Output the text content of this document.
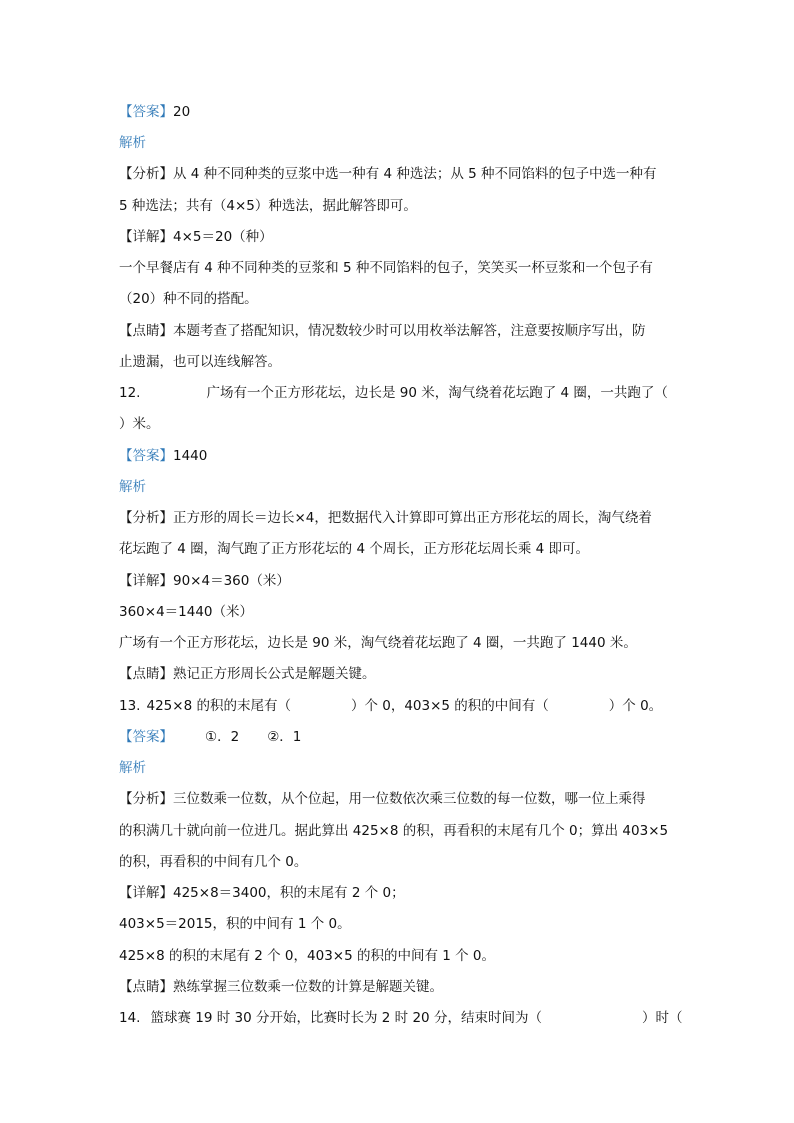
【答案】20
解析
【分析】从 4 种不同种类的豆浆中选一种有 4 种选法；从 5 种不同馅料的包子中选一种有
5 种选法；共有（4×5）种选法，据此解答即可。
【详解】4×5＝20（种）
一个早餐店有 4 种不同种类的豆浆和 5 种不同馅料的包子，笑笑买一杯豆浆和一个包子有
（20）种不同的搭配。
【点睛】本题考查了搭配知识，情况数较少时可以用枚举法解答，注意要按顺序写出，防
止遗漏，也可以连线解答。
12.	广场有一个正方形花坛，边长是 90 米，淘气绕着花坛跑了 4 圈，一共跑了（
）米。
【答案】1440
解析
【分析】正方形的周长＝边长×4，把数据代入计算即可算出正方形花坛的周长，淘气绕着
花坛跑了 4 圈，淘气跑了正方形花坛的 4 个周长，正方形花坛周长乘 4 即可。
【详解】90×4＝360（米）
360×4＝1440（米）
广场有一个正方形花坛，边长是 90 米，淘气绕着花坛跑了 4 圈，一共跑了 1440 米。
【点睛】熟记正方形周长公式是解题关键。
13. 425×8 的积的末尾有（	）个 0，403×5 的积的中间有（	）个 0。
【答案】 ①．2 ②．1
解析
【分析】三位数乘一位数，从个位起，用一位数依次乘三位数的每一位数，哪一位上乘得
的积满几十就向前一位进几。据此算出 425×8 的积，再看积的末尾有几个 0；算出 403×5
的积，再看积的中间有几个 0。
【详解】425×8＝3400，积的末尾有 2 个 0；
403×5＝2015，积的中间有 1 个 0。
425×8 的积的末尾有 2 个 0，403×5 的积的中间有 1 个 0。
【点睛】熟练掌握三位数乘一位数的计算是解题关键。
14. 篮球赛 19 时 30 分开始，比赛时长为 2 时 20 分，结束时间为（	）时（
